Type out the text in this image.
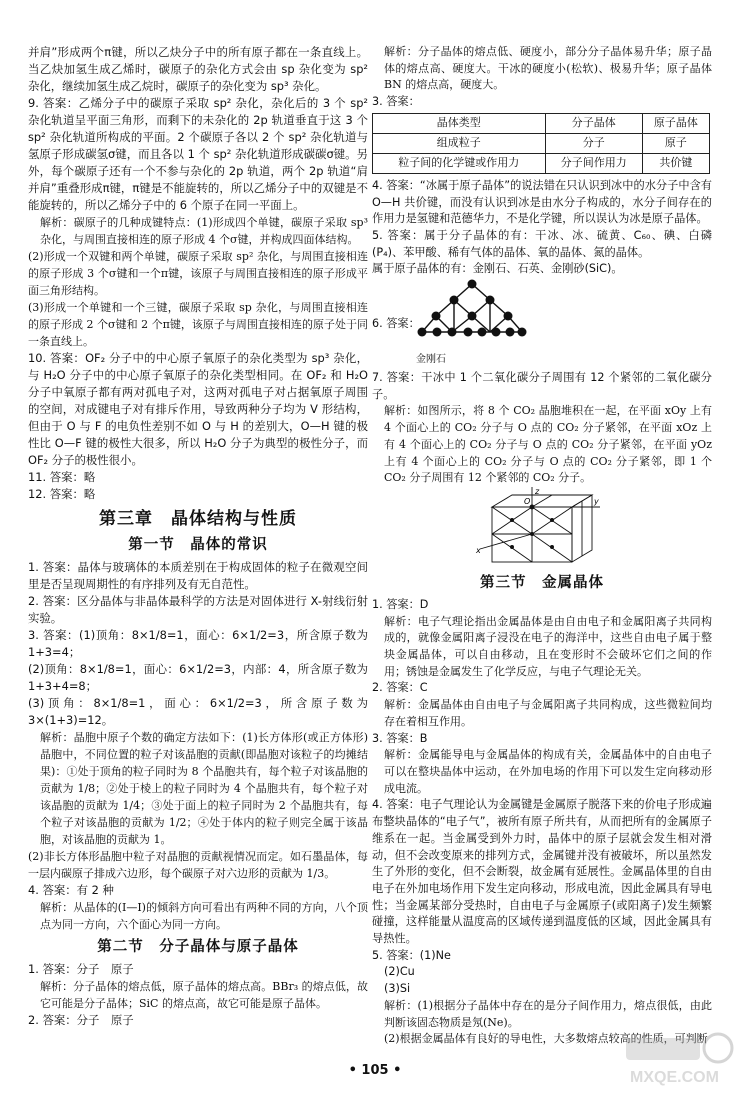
并肩”形成两个π键，所以乙炔分子中的所有原子都在一条直线上。当乙炔加氢生成乙烯时，碳原子的杂化方式会由 sp 杂化变为 sp² 杂化，继续加氢生成乙烷时，碳原子的杂化变为 sp³ 杂化。

9. 答案：乙烯分子中的碳原子采取 sp² 杂化，杂化后的 3 个 sp² 杂化轨道呈平面三角形，而剩下的未杂化的 2p 轨道垂直于这 3 个 sp² 杂化轨道所构成的平面。2 个碳原子各以 2 个 sp² 杂化轨道与氢原子形成碳氢σ键，而且各以 1 个 sp² 杂化轨道形成碳碳σ键。另外，每个碳原子还有一个不参与杂化的 2p 轨道，两个 2p 轨道“肩并肩”重叠形成π键，π键是不能旋转的，所以乙烯分子中的双键是不能旋转的，所以乙烯分子中的 6 个原子在同一平面上。

解析：碳原子的几种成键特点：(1)形成四个单键，碳原子采取 sp³ 杂化，与周围直接相连的原子形成 4 个σ键，并构成四面体结构。

(2)形成一个双键和两个单键，碳原子采取 sp² 杂化，与周围直接相连的原子形成 3 个σ键和一个π键，该原子与周围直接相连的原子形成平面三角形结构。

(3)形成一个单键和一个三键，碳原子采取 sp 杂化，与周围直接相连的原子形成 2 个σ键和 2 个π键，该原子与周围直接相连的原子处于同一条直线上。

10. 答案：OF₂ 分子中的中心原子氧原子的杂化类型为 sp³ 杂化，与 H₂O 分子中的中心原子氧原子的杂化类型相同。在 OF₂ 和 H₂O 分子中氧原子都有两对孤电子对，这两对孤电子对占据氧原子周围的空间，对成键电子对有排斥作用，导致两种分子均为 V 形结构，但由于 O 与 F 的电负性差别不如 O 与 H 的差别大，O—H 键的极性比 O—F 键的极性大很多，所以 H₂O 分子为典型的极性分子，而 OF₂ 分子的极性很小。

11. 答案：略

12. 答案：略

第三章　晶体结构与性质
第一节　晶体的常识

1. 答案：晶体与玻璃体的本质差别在于构成固体的粒子在微观空间里是否呈现周期性的有序排列及有无自范性。

2. 答案：区分晶体与非晶体最科学的方法是对固体进行 X-射线衍射实验。

3. 答案：(1)顶角：8×1/8=1，面心：6×1/2=3，所含原子数为 1+3=4；

(2)顶角：8×1/8=1，面心：6×1/2=3，内部：4，所含原子数为 1+3+4=8；

(3)顶角：8×1/8=1，面心：6×1/2=3，所含原子数为 3×(1+3)=12。

解析：晶胞中原子个数的确定方法如下：(1)长方体形(或正方体形)晶胞中，不同位置的粒子对该晶胞的贡献(即晶胞对该粒子的均摊结果)：①处于顶角的粒子同时为 8 个晶胞共有，每个粒子对该晶胞的贡献为 1/8；②处于棱上的粒子同时为 4 个晶胞共有，每个粒子对该晶胞的贡献为 1/4；③处于面上的粒子同时为 2 个晶胞共有，每个粒子对该晶胞的贡献为 1/2；④处于体内的粒子则完全属于该晶胞，对该晶胞的贡献为 1。

(2)非长方体形晶胞中粒子对晶胞的贡献视情况而定。如石墨晶体，每一层内碳原子排成六边形，每个碳原子对六边形的贡献为 1/3。

4. 答案：有 2 种

解析：从晶体的(I—I)的倾斜方向可看出有两种不同的方向，八个顶点为同一方向，六个面心为同一方向。

第二节　分子晶体与原子晶体

1. 答案：分子　原子

解析：分子晶体的熔点低，原子晶体的熔点高。BBr₃ 的熔点低，故它可能是分子晶体；SiC 的熔点高，故它可能是原子晶体。

2. 答案：分子　原子

解析：分子晶体的熔点低、硬度小，部分分子晶体易升华；原子晶体的熔点高、硬度大。干冰的硬度小(松软)、极易升华；原子晶体 BN 的熔点高，硬度大。

3. 答案：

晶体类型	分子晶体	原子晶体
组成粒子	分子	原子
粒子间的化学键或作用力	分子间作用力	共价键

4. 答案：“冰属于原子晶体”的说法错在只认识到冰中的水分子中含有 O—H 共价键，而没有认识到冰是由水分子构成的，水分子间存在的作用力是氢键和范德华力，不是化学键，所以误认为冰是原子晶体。

5. 答案：属于分子晶体的有：干冰、冰、硫黄、C₆₀、碘、白磷(P₄)、苯甲酸、稀有气体的晶体、氧的晶体、氮的晶体。

属于原子晶体的有：金刚石、石英、金刚砂(SiC)。

6. 答案：
金刚石

7. 答案：干冰中 1 个二氧化碳分子周围有 12 个紧邻的二氧化碳分子。

解析：如图所示，将 8 个 CO₂ 晶胞堆积在一起，在平面 xOy 上有 4 个面心上的 CO₂ 分子与 O 点的 CO₂ 分子紧邻，在平面 xOz 上有 4 个面心上的 CO₂ 分子与 O 点的 CO₂ 分子紧邻，在平面 yOz 上有 4 个面心上的 CO₂ 分子与 O 点的 CO₂ 分子紧邻，即 1 个 CO₂ 分子周围有 12 个紧邻的 CO₂ 分子。

z
O	y
x
第三节　金属晶体

1. 答案：D

解析：电子气理论指出金属晶体是由自由电子和金属阳离子共同构成的，就像金属阳离子浸没在电子的海洋中，这些自由电子属于整块金属晶体，可以自由移动，且在变形时不会破坏它们之间的作用；锈蚀是金属发生了化学反应，与电子气理论无关。

2. 答案：C

解析：金属晶体由自由电子与金属阳离子共同构成，这些微粒间均存在着相互作用。

3. 答案：B

解析：金属能导电与金属晶体的构成有关，金属晶体中的自由电子可以在整块晶体中运动，在外加电场的作用下可以发生定向移动形成电流。

4. 答案：电子气理论认为金属键是金属原子脱落下来的价电子形成遍布整块晶体的“电子气”，被所有原子所共有，从而把所有的金属原子维系在一起。当金属受到外力时，晶体中的原子层就会发生相对滑动，但不会改变原来的排列方式，金属键并没有被破坏，所以虽然发生了外形的变化，但不会断裂，故金属有延展性。金属晶体里的自由电子在外加电场作用下发生定向移动，形成电流，因此金属具有导电性；当金属某部分受热时，自由电子与金属原子(或阳离子)发生频繁碰撞，这样能量从温度高的区域传递到温度低的区域，因此金属具有导热性。

5. 答案：(1)Ne

(2)Cu

(3)Si

解析：(1)根据分子晶体中存在的是分子间作用力，熔点很低，由此判断该固态物质是氖(Ne)。

(2)根据金属晶体有良好的导电性，大多数熔点较高的性质，可判断

• 105 •	MXQE.COM
